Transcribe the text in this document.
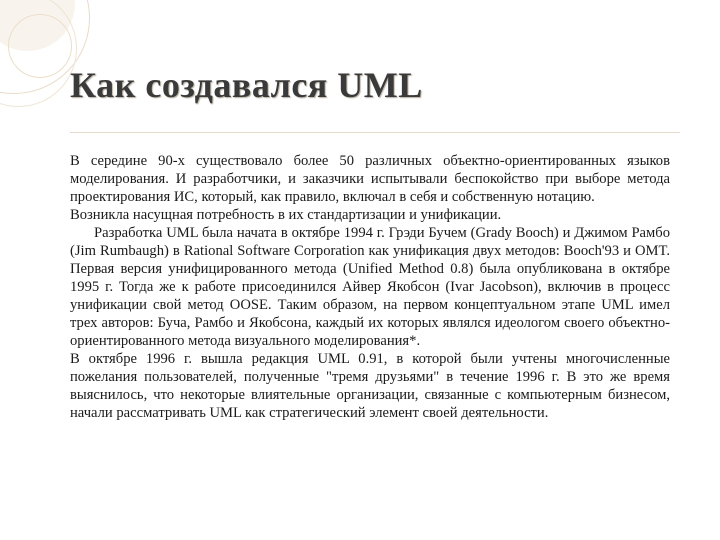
Как создавался UML

В середине 90-х существовало более 50 различных объектно-ориентированных языков моделирования. И разработчики, и заказчики испытывали беспокойство при выборе метода проектирования ИС, который, как правило, включал в себя и собственную нотацию.

Возникла насущная потребность в их стандартизации и унификации.

Разработка UML была начата в октябре 1994 г. Грэди Бучем (Grady Booch) и Джимом Рамбо (Jim Rumbaugh) в Rational Software Corporation как унификация двух методов: Booch'93 и OMT. Первая версия унифицированного метода (Unified Method 0.8) была опубликована в октябре 1995 г. Тогда же к работе присоединился Айвер Якобсон (Ivar Jacobson), включив в процесс унификации свой метод OOSE. Таким образом, на первом концептуальном этапе UML имел трех авторов: Буча, Рамбо и Якобсона, каждый их которых являлся идеологом своего объектно-ориентированного метода визуального моделирования*.

В октябре 1996 г. вышла редакция UML 0.91, в которой были учтены многочисленные пожелания пользователей, полученные "тремя друзьями" в течение 1996 г. В это же время выяснилось, что некоторые влиятельные организации, связанные с компьютерным бизнесом, начали рассматривать UML как стратегический элемент своей деятельности.
